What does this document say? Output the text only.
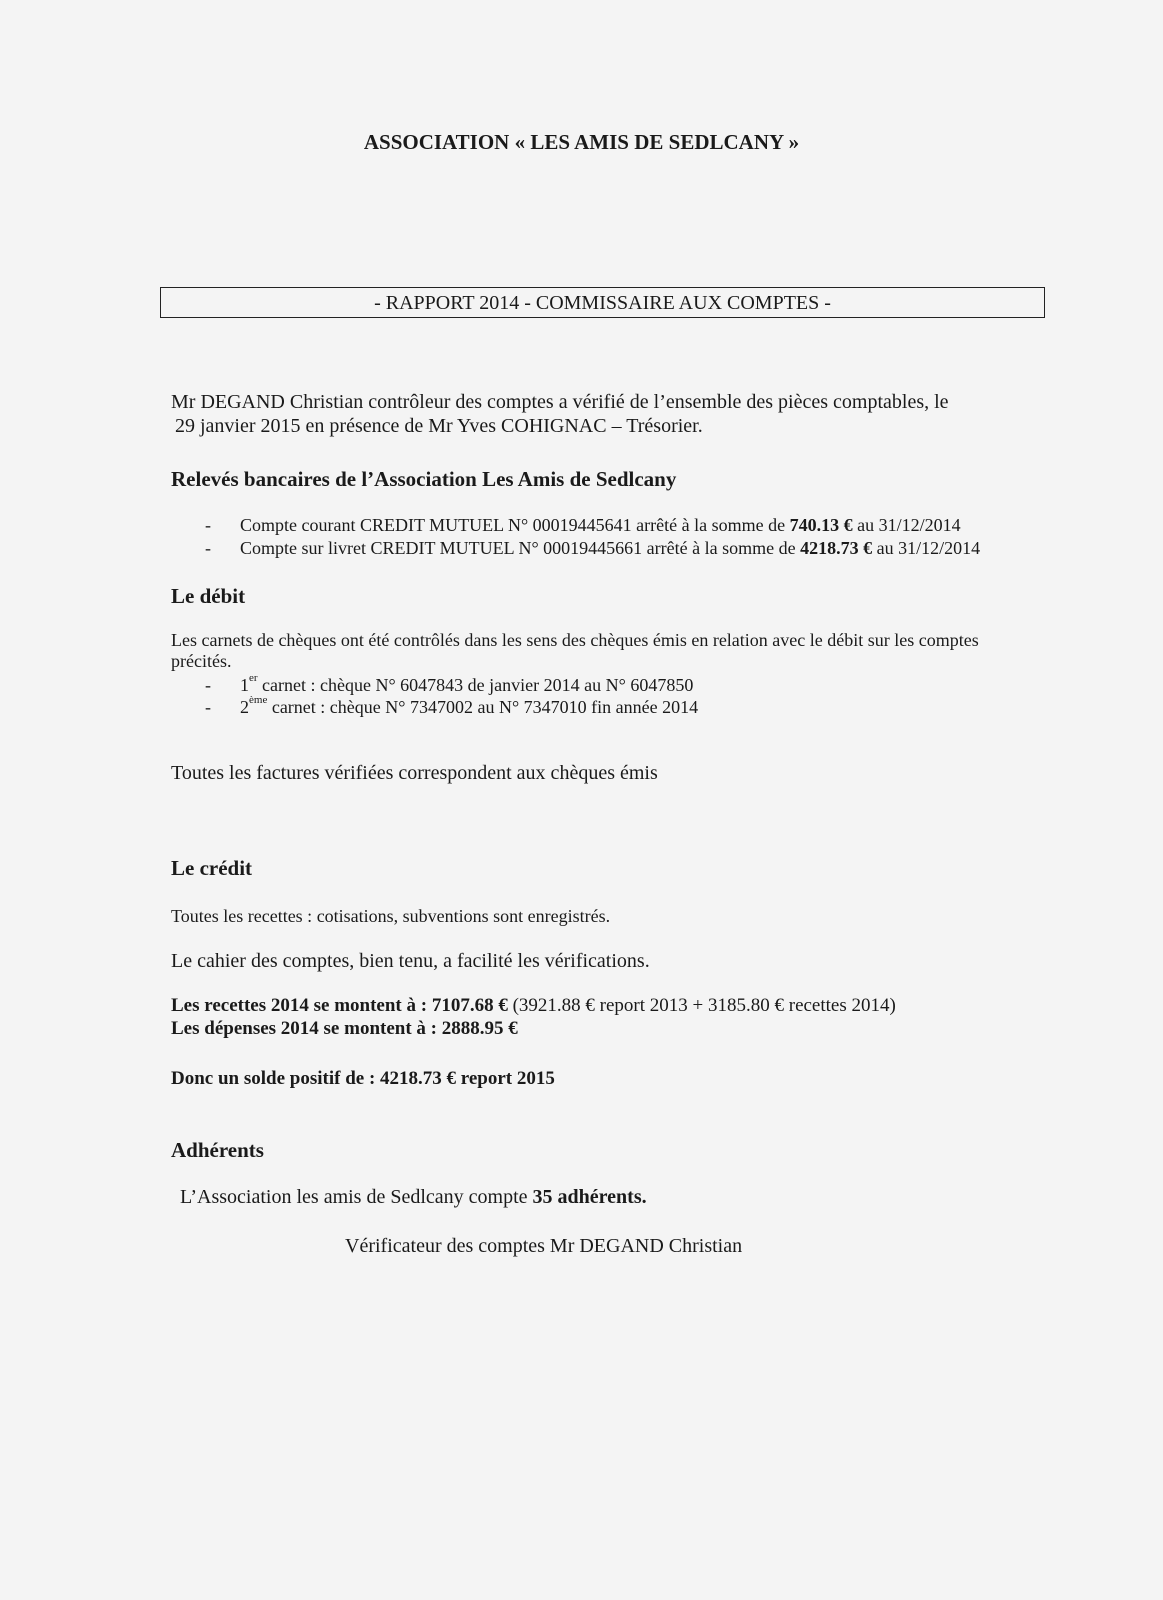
ASSOCIATION « LES AMIS DE SEDLCANY »
- RAPPORT 2014 - COMMISSAIRE AUX COMPTES -
Mr DEGAND Christian contrôleur des comptes a vérifié de l’ensemble des pièces comptables, le
29 janvier 2015 en présence de Mr Yves COHIGNAC – Trésorier.
Relevés bancaires de l’Association Les Amis de Sedlcany
- Compte courant CREDIT MUTUEL N° 00019445641 arrêté à la somme de 740.13 € au 31/12/2014
- Compte sur livret CREDIT MUTUEL N° 00019445661 arrêté à la somme de 4218.73 € au 31/12/2014
Le débit
Les carnets de chèques ont été contrôlés dans les sens des chèques émis en relation avec le débit sur les comptes
précités.
- 1er carnet : chèque N° 6047843 de janvier 2014 au N° 6047850
- 2ème carnet : chèque N° 7347002 au N° 7347010 fin année 2014
Toutes les factures vérifiées correspondent aux chèques émis
Le crédit
Toutes les recettes : cotisations, subventions sont enregistrés.
Le cahier des comptes, bien tenu, a facilité les vérifications.
Les recettes 2014 se montent à : 7107.68 € (3921.88 € report 2013 + 3185.80 € recettes 2014)
Les dépenses 2014 se montent à : 2888.95 €
Donc un solde positif de : 4218.73 € report 2015
Adhérents
L’Association les amis de Sedlcany compte 35 adhérents.
Vérificateur des comptes Mr DEGAND Christian
